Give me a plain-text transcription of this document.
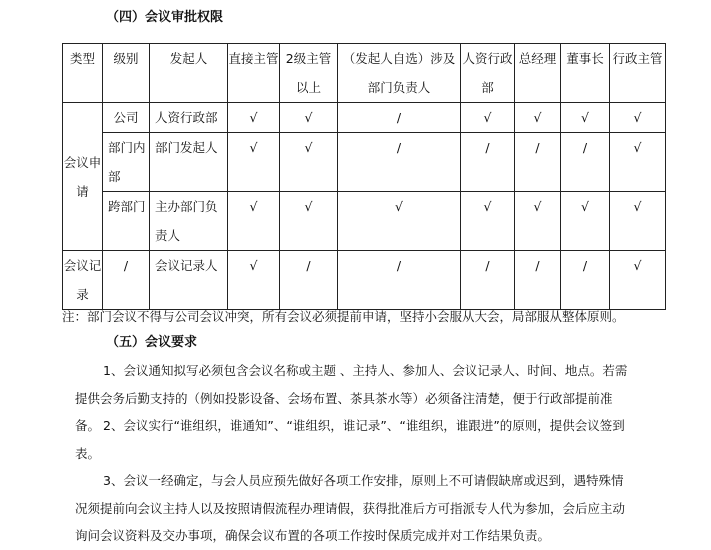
（四）会议审批权限
类型	级别	发起人	直接主管	2级主管以上	（发起人自选）涉及部门负责人	人资行政部	总经理	董事长	行政主管
会议申请	公司	人资行政部	√	√	/	√	√	√	√
	部门内部	部门发起人	√	√	/	/	/	/	√
	跨部门	主办部门负责人	√	√	√	√	√	√	√
会议记录	/	会议记录人	√	/	/	/	/	/	√
注：部门会议不得与公司会议冲突，所有会议必须提前申请，坚持小会服从大会，局部服从整体原则。
（五）会议要求
1、会议通知拟写必须包含会议名称或主题 、主持人、参加人、会议记录人、时间、地点。若需提供会务后勤支持的（例如投影设备、会场布置、茶具茶水等）必须备注清楚，便于行政部提前准备。 2、会议实行“谁组织，谁通知”、“谁组织，谁记录”、“谁组织，谁跟进”的原则，提供会议签到表。
3、会议一经确定，与会人员应预先做好各项工作安排，原则上不可请假缺席或迟到，遇特殊情况须提前向会议主持人以及按照请假流程办理请假，获得批准后方可指派专人代为参加，会后应主动询问会议资料及交办事项，确保会议布置的各项工作按时保质完成并对工作结果负责。
